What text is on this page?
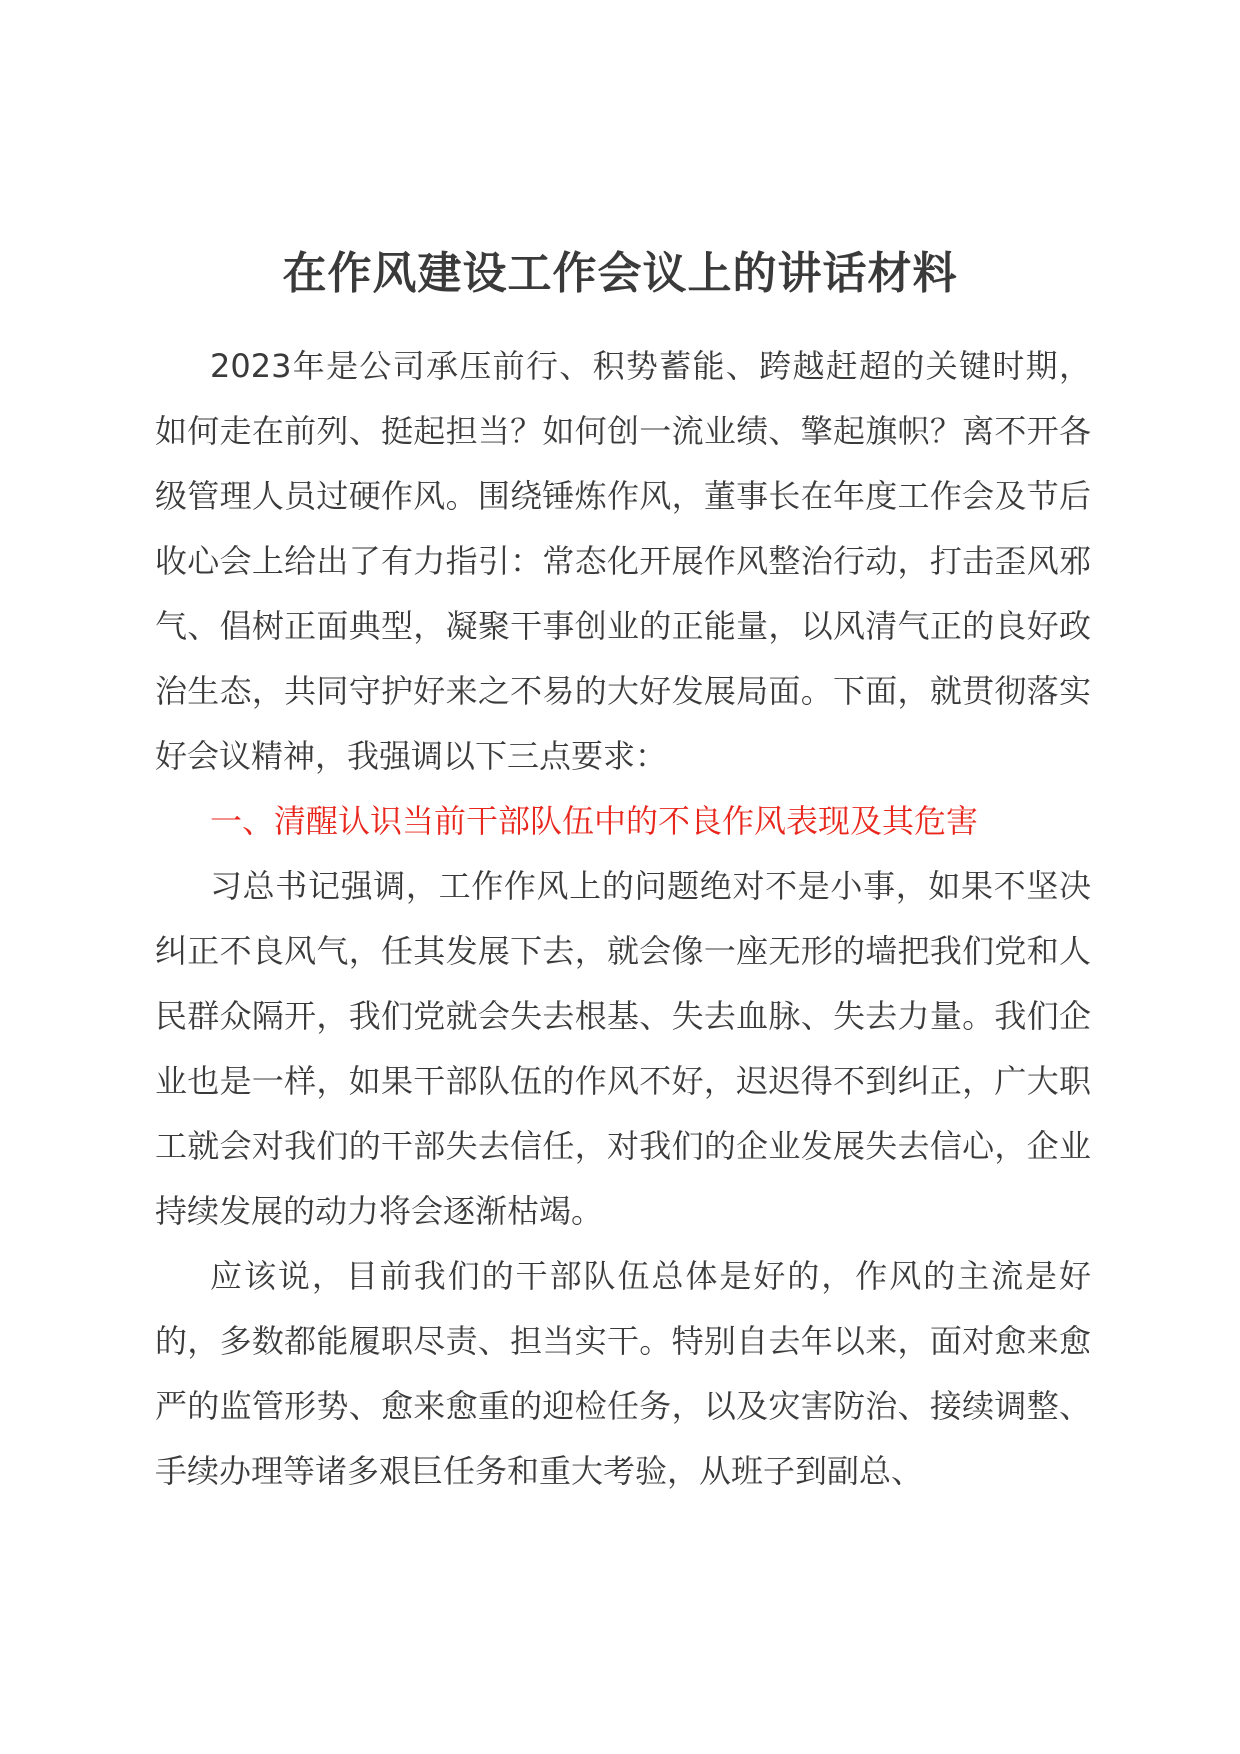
在作风建设工作会议上的讲话材料

2023年是公司承压前行、积势蓄能、跨越赶超的关键时期，如何走在前列、挺起担当？如何创一流业绩、擎起旗帜？离不开各级管理人员过硬作风。围绕锤炼作风，董事长在年度工作会及节后收心会上给出了有力指引：常态化开展作风整治行动，打击歪风邪气、倡树正面典型，凝聚干事创业的正能量，以风清气正的良好政治生态，共同守护好来之不易的大好发展局面。下面，就贯彻落实好会议精神，我强调以下三点要求：

一、清醒认识当前干部队伍中的不良作风表现及其危害

习总书记强调，工作作风上的问题绝对不是小事，如果不坚决纠正不良风气，任其发展下去，就会像一座无形的墙把我们党和人民群众隔开，我们党就会失去根基、失去血脉、失去力量。我们企业也是一样，如果干部队伍的作风不好，迟迟得不到纠正，广大职工就会对我们的干部失去信任，对我们的企业发展失去信心，企业持续发展的动力将会逐渐枯竭。

应该说，目前我们的干部队伍总体是好的，作风的主流是好的，多数都能履职尽责、担当实干。特别自去年以来，面对愈来愈严的监管形势、愈来愈重的迎检任务，以及灾害防治、接续调整、手续办理等诸多艰巨任务和重大考验，从班子到副总、
